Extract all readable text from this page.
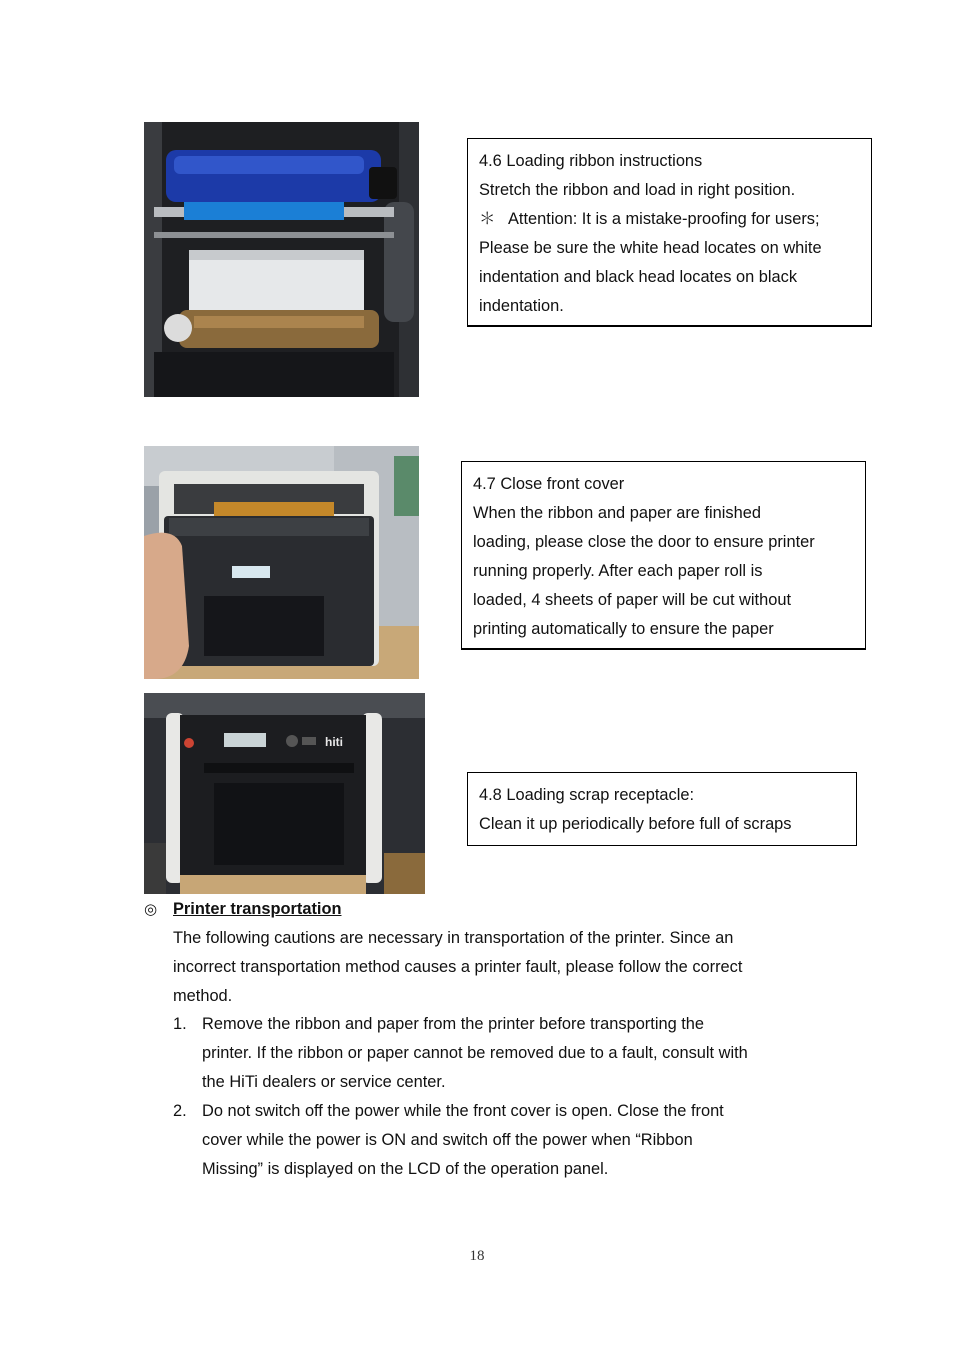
4.6 Loading ribbon instructions
Stretch the ribbon and load in right position.
＊ Attention: It is a mistake-proofing for users;
Please be sure the white head locates on white
indentation and black head locates on black
indentation.
4.7 Close front cover
When the ribbon and paper are finished
loading, please close the door to ensure printer
running properly. After each paper roll is
loaded, 4 sheets of paper will be cut without
printing automatically to ensure the paper
hiti
4.8 Loading scrap receptacle:
Clean it up periodically before full of scraps
◎ Printer transportation
The following cautions are necessary in transportation of the printer. Since an
incorrect transportation method causes a printer fault, please follow the correct
method.
1. Remove the ribbon and paper from the printer before transporting the
printer. If the ribbon or paper cannot be removed due to a fault, consult with
the HiTi dealers or service center.
2. Do not switch off the power while the front cover is open. Close the front
cover while the power is ON and switch off the power when “Ribbon
Missing” is displayed on the LCD of the operation panel.
18
